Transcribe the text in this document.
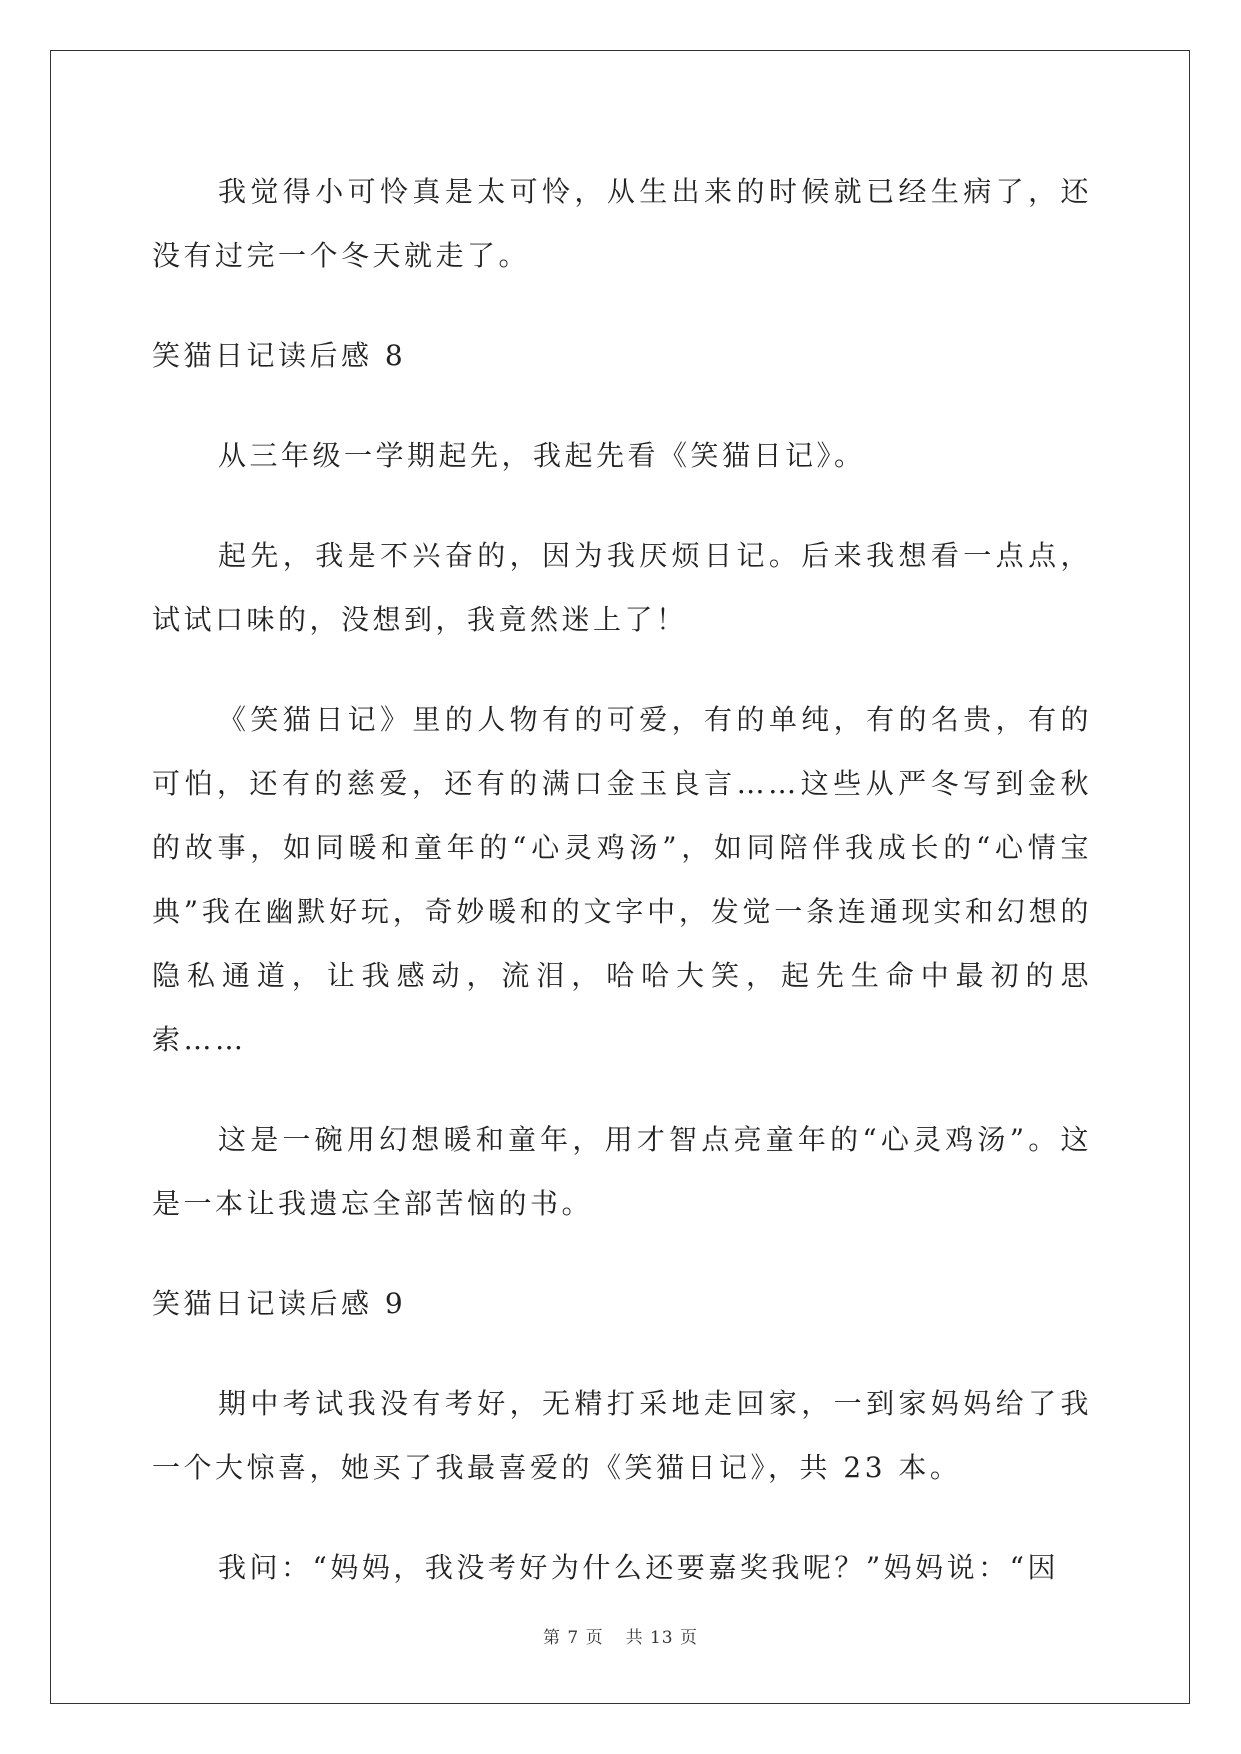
我觉得小可怜真是太可怜，从生出来的时候就已经生病了，还没有过完一个冬天就走了。

笑猫日记读后感 8

从三年级一学期起先，我起先看《笑猫日记》。

起先，我是不兴奋的，因为我厌烦日记。后来我想看一点点，试试口味的，没想到，我竟然迷上了！

《笑猫日记》里的人物有的可爱，有的单纯，有的名贵，有的可怕，还有的慈爱，还有的满口金玉良言……这些从严冬写到金秋的故事，如同暖和童年的“心灵鸡汤”，如同陪伴我成长的“心情宝典”我在幽默好玩，奇妙暖和的文字中，发觉一条连通现实和幻想的隐私通道，让我感动，流泪，哈哈大笑，起先生命中最初的思索……

这是一碗用幻想暖和童年，用才智点亮童年的“心灵鸡汤”。这是一本让我遗忘全部苦恼的书。

笑猫日记读后感 9

期中考试我没有考好，无精打采地走回家，一到家妈妈给了我一个大惊喜，她买了我最喜爱的《笑猫日记》，共 23 本。

我问：“妈妈，我没考好为什么还要嘉奖我呢？”妈妈说：“因

第 7 页 共 13 页
